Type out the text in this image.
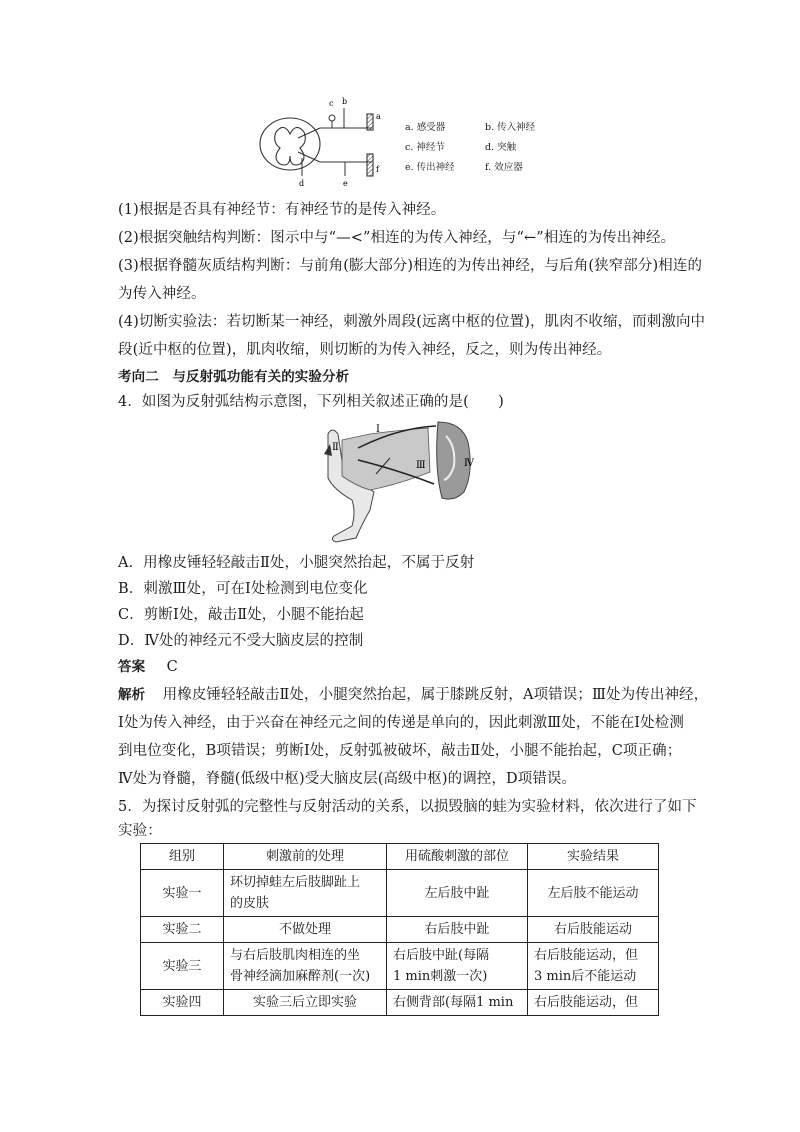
c b
a
d	e
f
a. 感受器	b. 传入神经
c. 神经节	d. 突触
e. 传出神经	f. 效应器
(1)根据是否具有神经节：有神经节的是传入神经。
(2)根据突触结构判断：图示中与“—<”相连的为传入神经，与“←”相连的为传出神经。
(3)根据脊髓灰质结构判断：与前角(膨大部分)相连的为传出神经，与后角(狭窄部分)相连的
为传入神经。
(4)切断实验法：若切断某一神经，刺激外周段(远离中枢的位置)，肌肉不收缩，而刺激向中
段(近中枢的位置)，肌肉收缩，则切断的为传入神经，反之，则为传出神经。
考向二　与反射弧功能有关的实验分析
4．如图为反射弧结构示意图，下列相关叙述正确的是(　　)
Ⅰ
Ⅱ
Ⅲ	Ⅳ
A．用橡皮锤轻轻敲击Ⅱ处，小腿突然抬起，不属于反射
B．刺激Ⅲ处，可在Ⅰ处检测到电位变化
C．剪断Ⅰ处，敲击Ⅱ处，小腿不能抬起
D．Ⅳ处的神经元不受大脑皮层的控制
答案 C
解析 用橡皮锤轻轻敲击Ⅱ处，小腿突然抬起，属于膝跳反射，A项错误；Ⅲ处为传出神经，
Ⅰ处为传入神经，由于兴奋在神经元之间的传递是单向的，因此刺激Ⅲ处，不能在Ⅰ处检测
到电位变化，B项错误；剪断Ⅰ处，反射弧被破坏，敲击Ⅱ处，小腿不能抬起，C项正确；
Ⅳ处为脊髓，脊髓(低级中枢)受大脑皮层(高级中枢)的调控，D项错误。
5．为探讨反射弧的完整性与反射活动的关系，以损毁脑的蛙为实验材料，依次进行了如下
实验：
组别	刺激前的处理	用硫酸刺激的部位	实验结果
实验一	环切掉蛙左后肢脚趾上
的皮肤	左后肢中趾	左后肢不能运动
实验二	不做处理	右后肢中趾	右后肢能运动
实验三	与右后肢肌肉相连的坐
骨神经滴加麻醉剂(一次)	右后肢中趾(每隔
1 min刺激一次)	右后肢能运动，但
3 min后不能运动
实验四	实验三后立即实验	右侧背部(每隔1 min	右后肢能运动，但
